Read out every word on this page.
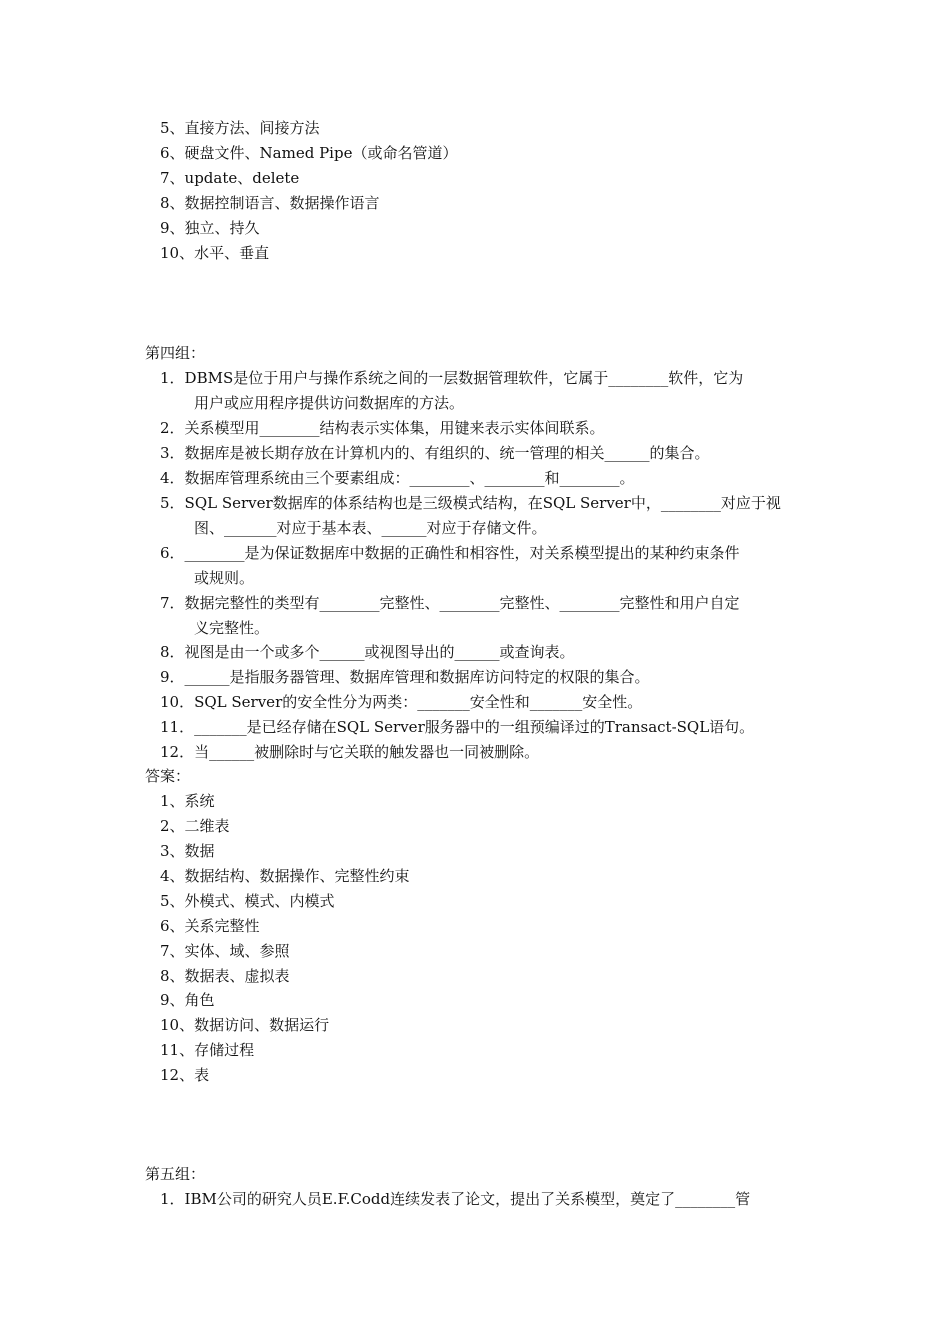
5、直接方法、间接方法
6、硬盘文件、Named Pipe（或命名管道）
7、update、delete
8、数据控制语言、数据操作语言
9、独立、持久
10、水平、垂直
第四组：
1．DBMS是位于用户与操作系统之间的一层数据管理软件，它属于________软件，它为
用户或应用程序提供访问数据库的方法。
2．关系模型用________结构表示实体集，用键来表示实体间联系。
3．数据库是被长期存放在计算机内的、有组织的、统一管理的相关______的集合。
4．数据库管理系统由三个要素组成：________、________和________。
5．SQL Server数据库的体系结构也是三级模式结构，在SQL Server中，________对应于视
图、_______对应于基本表、______对应于存储文件。
6．________是为保证数据库中数据的正确性和相容性，对关系模型提出的某种约束条件
或规则。
7．数据完整性的类型有________完整性、________完整性、________完整性和用户自定
义完整性。
8．视图是由一个或多个______或视图导出的______或查询表。
9．______是指服务器管理、数据库管理和数据库访问特定的权限的集合。
10．SQL Server的安全性分为两类：_______安全性和_______安全性。
11．_______是已经存储在SQL Server服务器中的一组预编译过的Transact-SQL语句。
12．当______被删除时与它关联的触发器也一同被删除。
答案：
1、系统
2、二维表
3、数据
4、数据结构、数据操作、完整性约束
5、外模式、模式、内模式
6、关系完整性
7、实体、域、参照
8、数据表、虚拟表
9、角色
10、数据访问、数据运行
11、存储过程
12、表
第五组：
1．IBM公司的研究人员E.F.Codd连续发表了论文，提出了关系模型，奠定了________管
